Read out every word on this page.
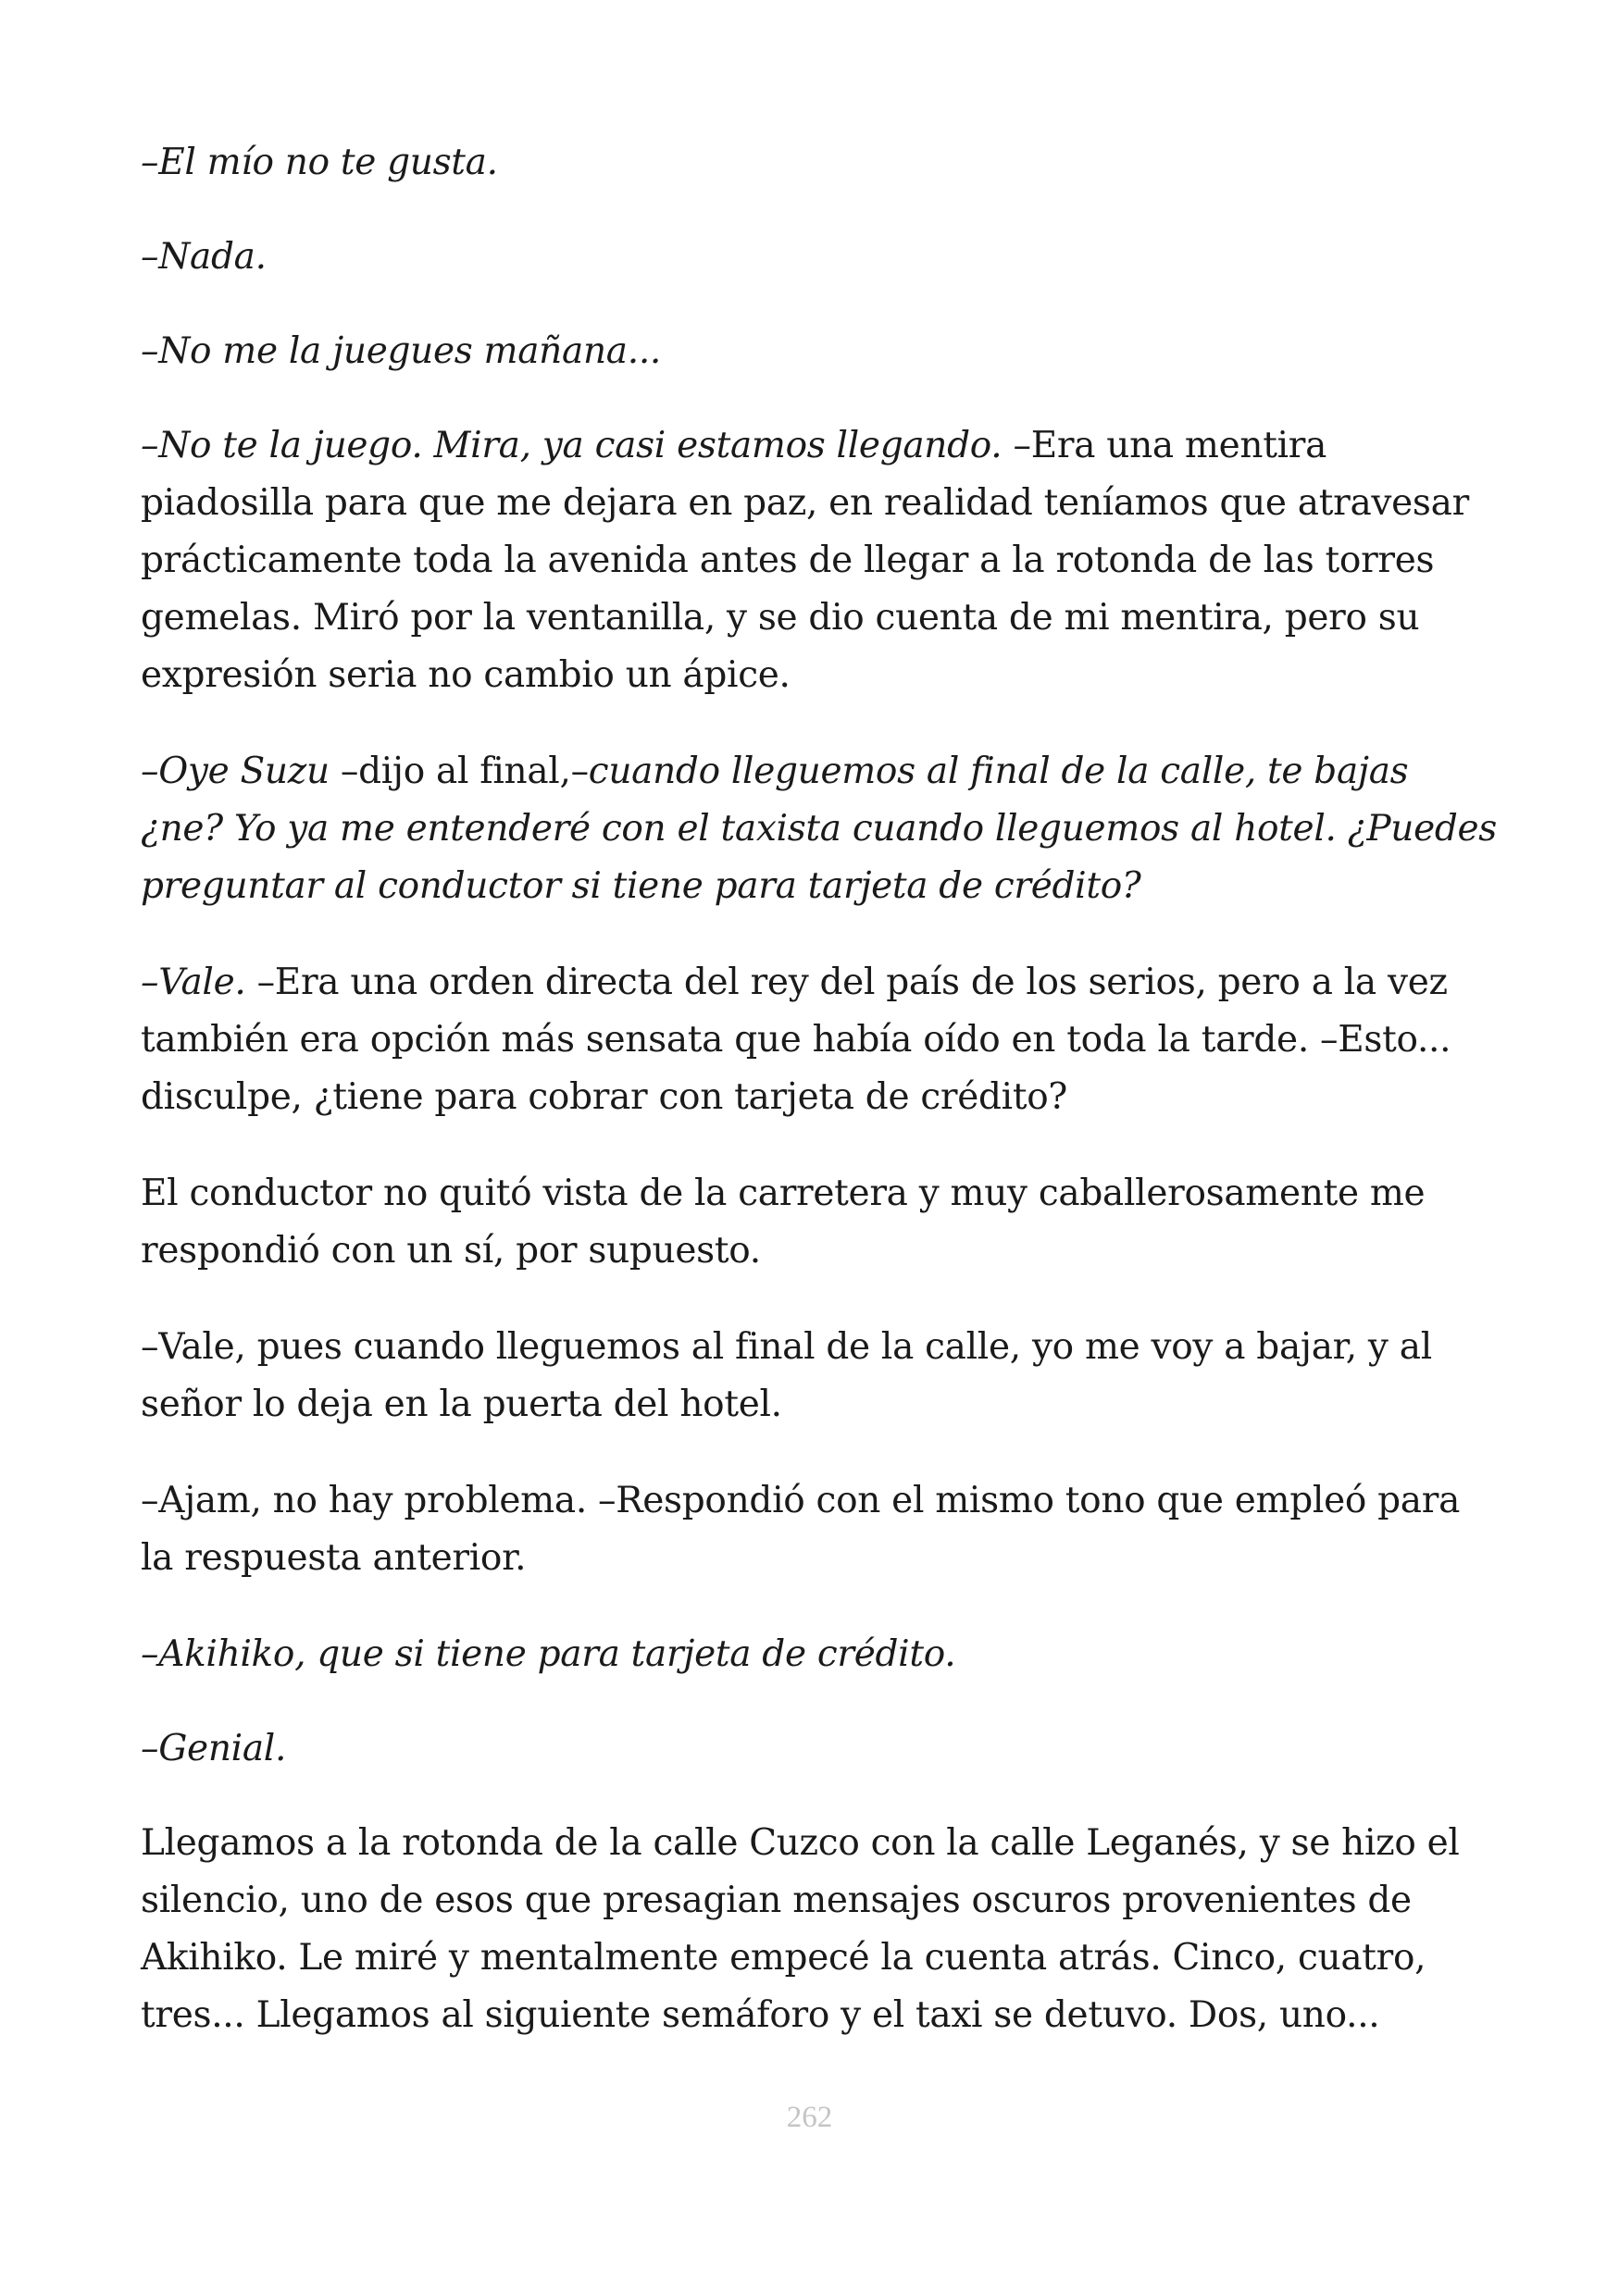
–El mío no te gusta.

–Nada.

–No me la juegues mañana...

–No te la juego. Mira, ya casi estamos llegando. –Era una mentira piadosilla para que me dejara en paz, en realidad teníamos que atravesar prácticamente toda la avenida antes de llegar a la rotonda de las torres gemelas. Miró por la ventanilla, y se dio cuenta de mi mentira, pero su expresión seria no cambio un ápice.

–Oye Suzu –dijo al final,–cuando lleguemos al final de la calle, te bajas ¿ne? Yo ya me entenderé con el taxista cuando lleguemos al hotel. ¿Puedes preguntar al conductor si tiene para tarjeta de crédito?

–Vale. –Era una orden directa del rey del país de los serios, pero a la vez también era opción más sensata que había oído en toda la tarde. –Esto... disculpe, ¿tiene para cobrar con tarjeta de crédito?

El conductor no quitó vista de la carretera y muy caballerosamente me respondió con un sí, por supuesto.

–Vale, pues cuando lleguemos al final de la calle, yo me voy a bajar, y al señor lo deja en la puerta del hotel.

–Ajam, no hay problema. –Respondió con el mismo tono que empleó para la respuesta anterior.

–Akihiko, que si tiene para tarjeta de crédito.

–Genial.

Llegamos a la rotonda de la calle Cuzco con la calle Leganés, y se hizo el silencio, uno de esos que presagian mensajes oscuros provenientes de Akihiko. Le miré y mentalmente empecé la cuenta atrás. Cinco, cuatro, tres... Llegamos al siguiente semáforo y el taxi se detuvo. Dos, uno...

262
